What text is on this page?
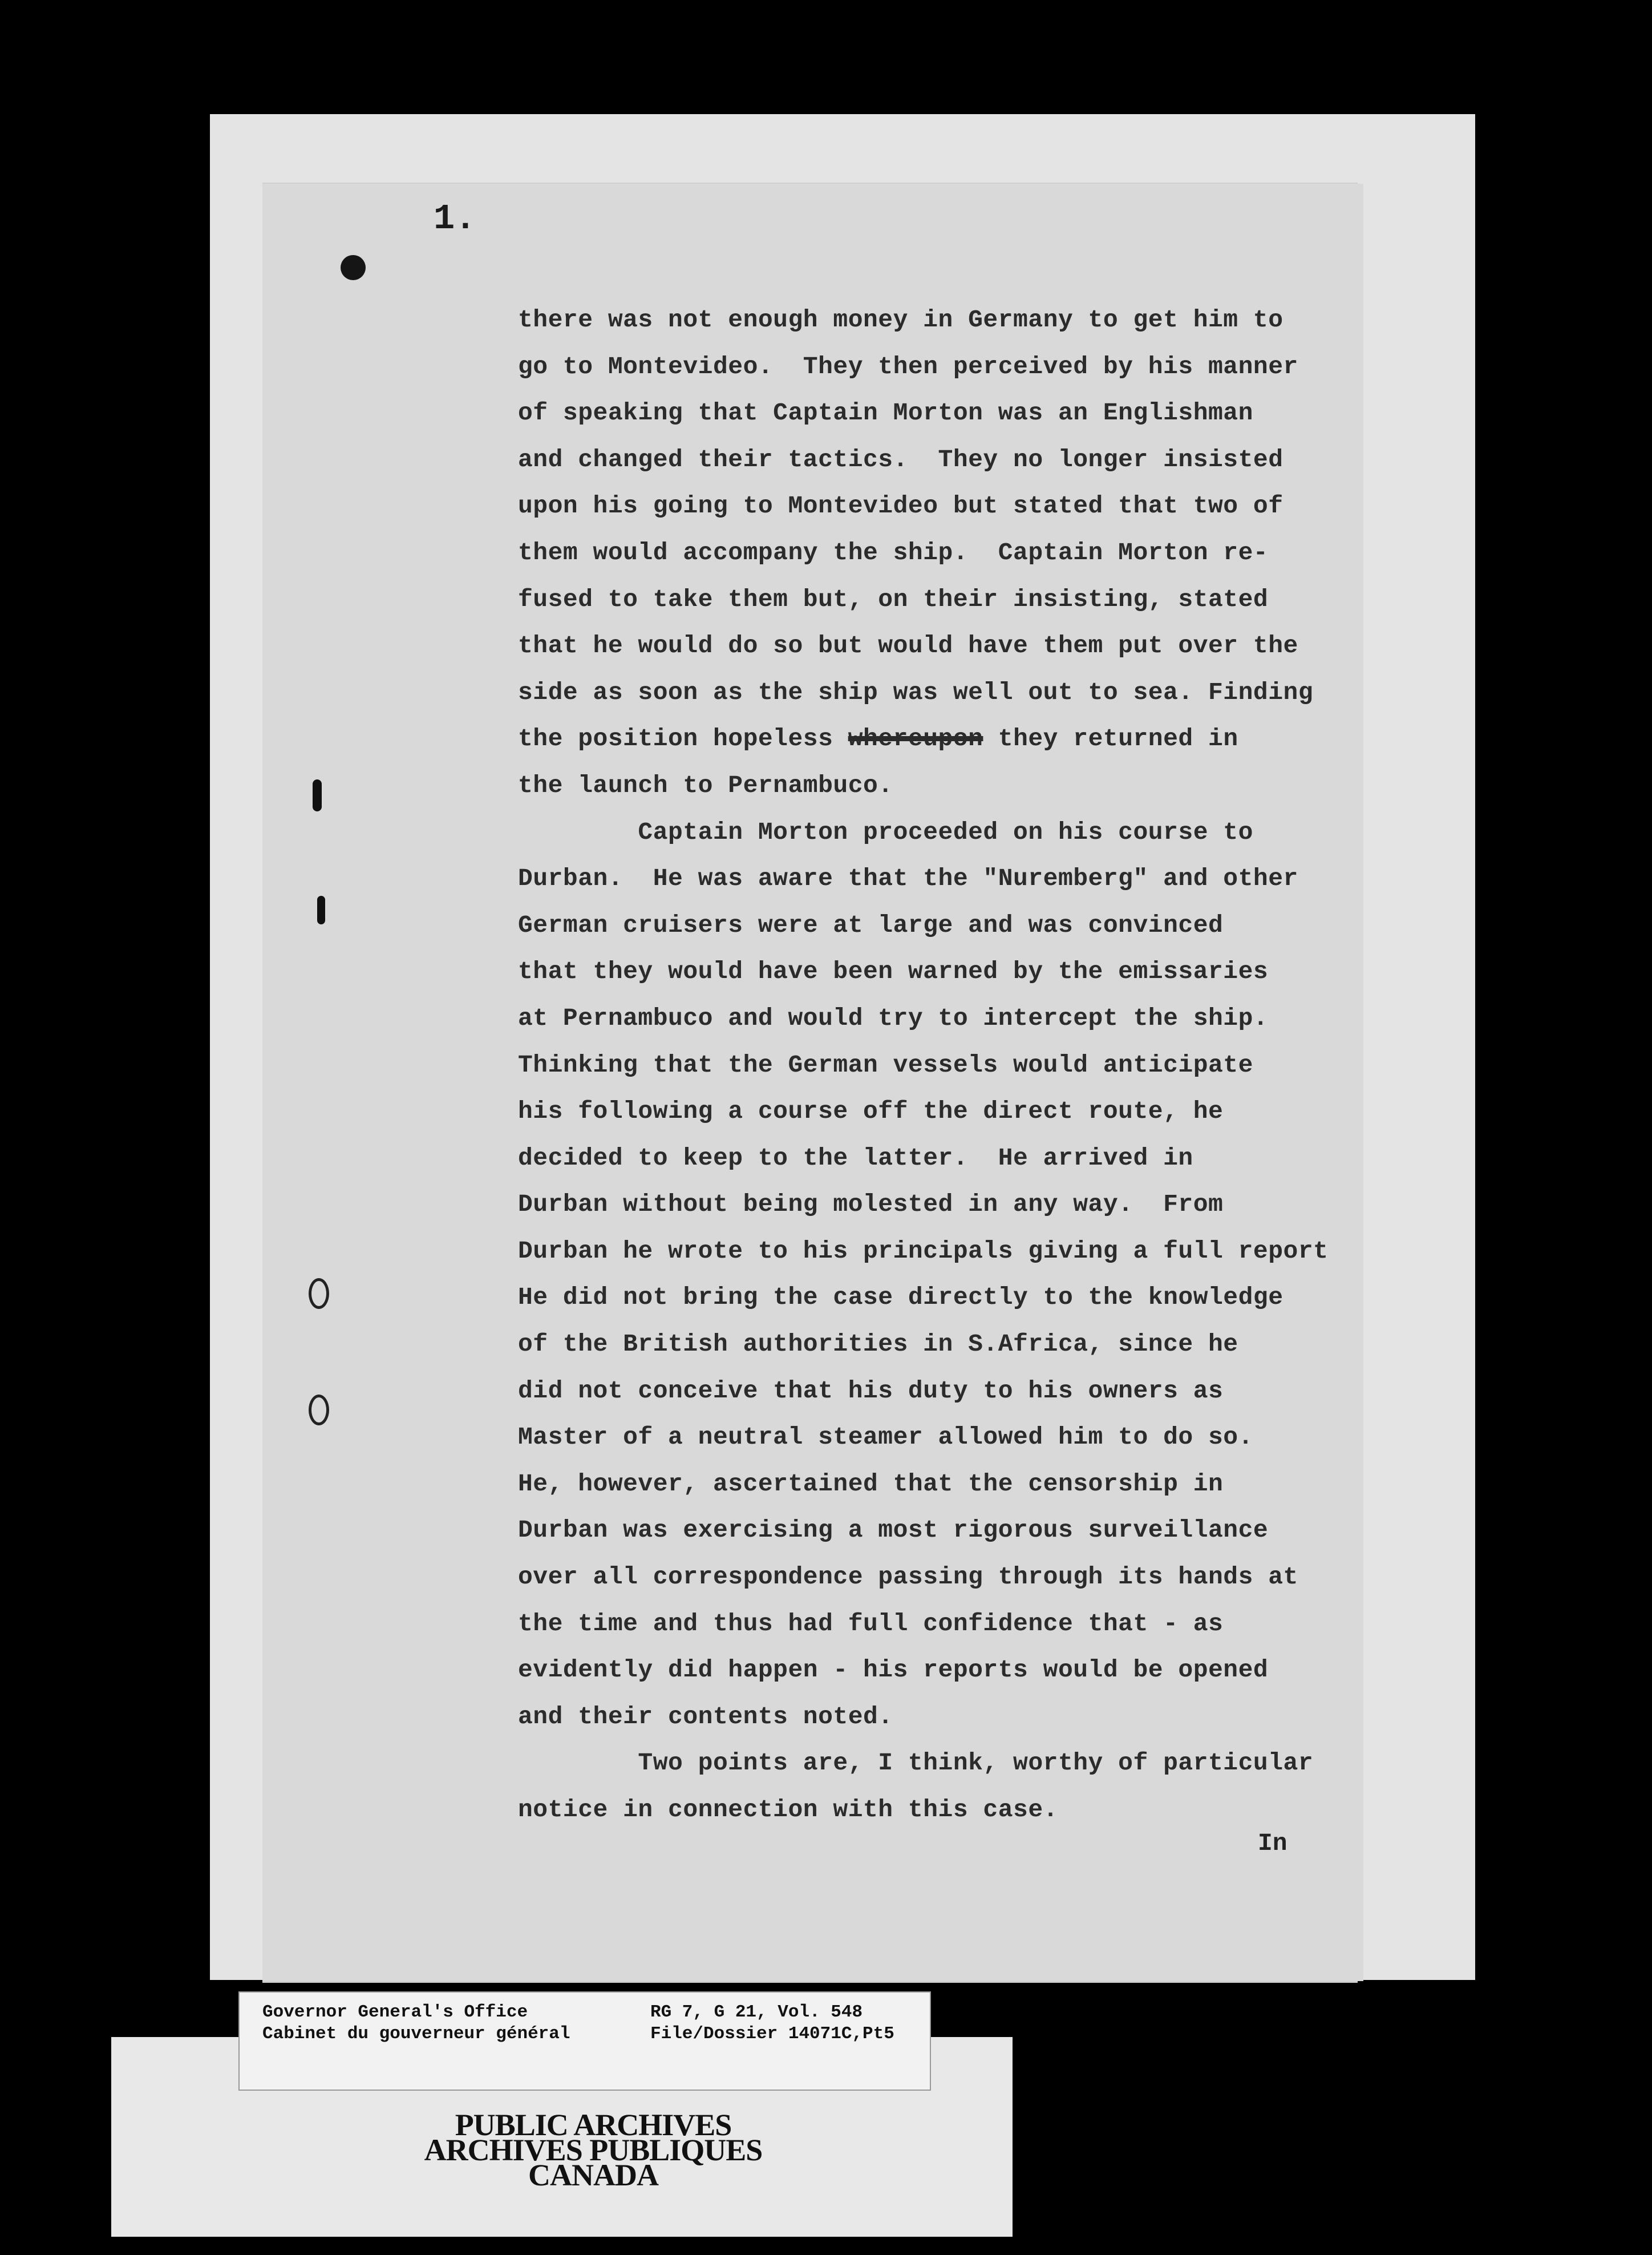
1.
there was not enough money in Germany to get him to
go to Montevideo.  They then perceived by his manner
of speaking that Captain Morton was an Englishman
and changed their tactics.  They no longer insisted
upon his going to Montevideo but stated that two of
them would accompany the ship.  Captain Morton re-
fused to take them but, on their insisting, stated
that he would do so but would have them put over the
side as soon as the ship was well out to sea. Finding
the position hopeless whereupon they returned in
the launch to Pernambuco.
Captain Morton proceeded on his course to
Durban.  He was aware that the "Nuremberg" and other
German cruisers were at large and was convinced
that they would have been warned by the emissaries
at Pernambuco and would try to intercept the ship.
Thinking that the German vessels would anticipate
his following a course off the direct route, he
decided to keep to the latter.  He arrived in
Durban without being molested in any way.  From
Durban he wrote to his principals giving a full report
He did not bring the case directly to the knowledge
of the British authorities in S.Africa, since he
did not conceive that his duty to his owners as
Master of a neutral steamer allowed him to do so.
He, however, ascertained that the censorship in
Durban was exercising a most rigorous surveillance
over all correspondence passing through its hands at
the time and thus had full confidence that - as
evidently did happen - his reports would be opened
and their contents noted.
Two points are, I think, worthy of particular
notice in connection with this case.
In
Governor General's Office
Cabinet du gouverneur général
RG 7, G 21, Vol. 548
File/Dossier 14071C,Pt5
PUBLIC ARCHIVES
ARCHIVES PUBLIQUES
CANADA
